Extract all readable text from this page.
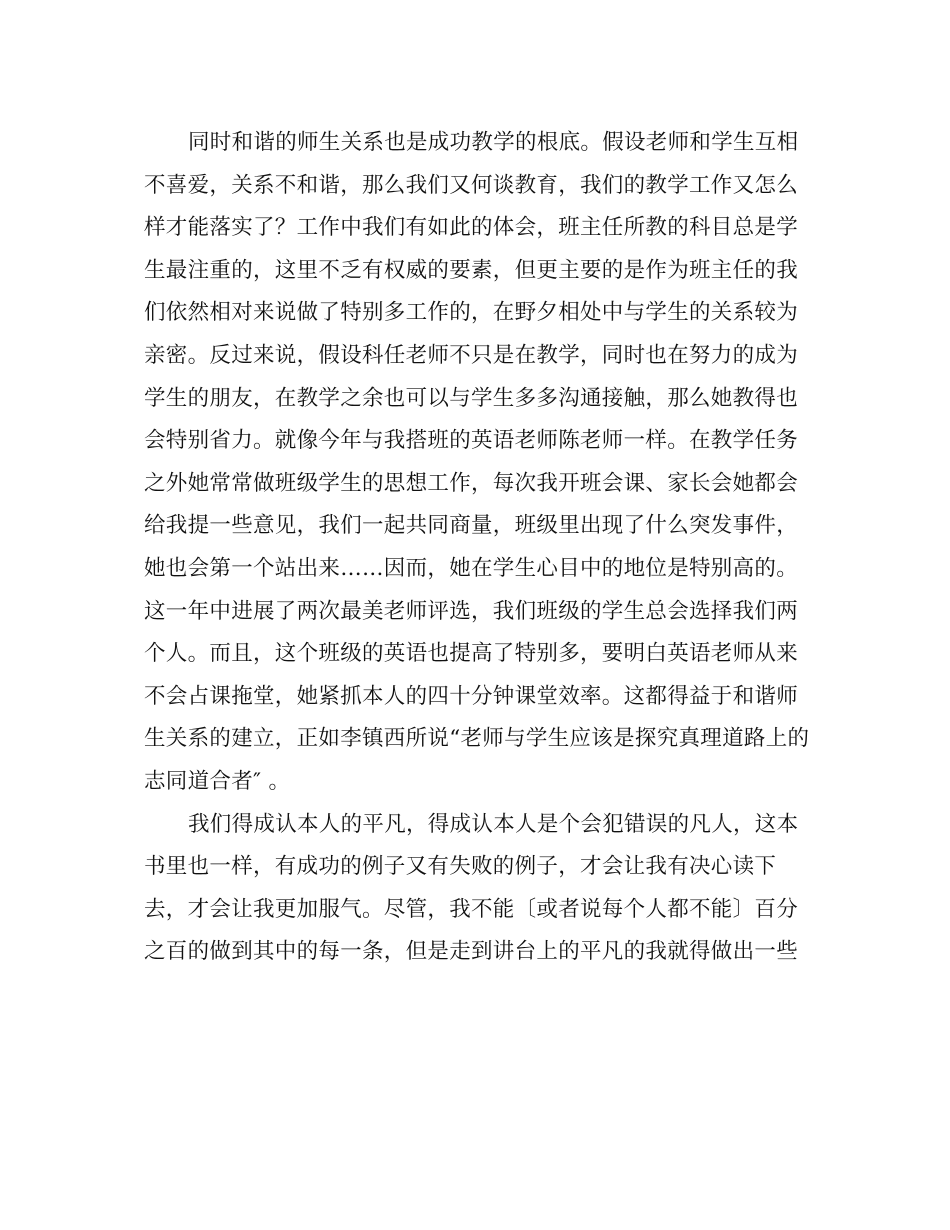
同时和谐的师生关系也是成功教学的根底。假设老师和学生互相
不喜爱，关系不和谐，那么我们又何谈教育，我们的教学工作又怎么
样才能落实了？工作中我们有如此的体会，班主任所教的科目总是学
生最注重的，这里不乏有权威的要素，但更主要的是作为班主任的我
们依然相对来说做了特别多工作的，在野夕相处中与学生的关系较为
亲密。反过来说，假设科任老师不只是在教学，同时也在努力的成为
学生的朋友，在教学之余也可以与学生多多沟通接触，那么她教得也
会特别省力。就像今年与我搭班的英语老师陈老师一样。在教学任务
之外她常常做班级学生的思想工作，每次我开班会课、家长会她都会
给我提一些意见，我们一起共同商量，班级里出现了什么突发事件，
她也会第一个站出来……因而，她在学生心目中的地位是特别高的。
这一年中进展了两次最美老师评选，我们班级的学生总会选择我们两
个人。而且，这个班级的英语也提高了特别多，要明白英语老师从来
不会占课拖堂，她紧抓本人的四十分钟课堂效率。这都得益于和谐师
生关系的建立，正如李镇西所说“老师与学生应该是探究真理道路上的
志同道合者″ 。
我们得成认本人的平凡，得成认本人是个会犯错误的凡人，这本
书里也一样，有成功的例子又有失败的例子，才会让我有决心读下
去，才会让我更加服气。尽管，我不能〔或者说每个人都不能〕百分
之百的做到其中的每一条，但是走到讲台上的平凡的我就得做出一些
